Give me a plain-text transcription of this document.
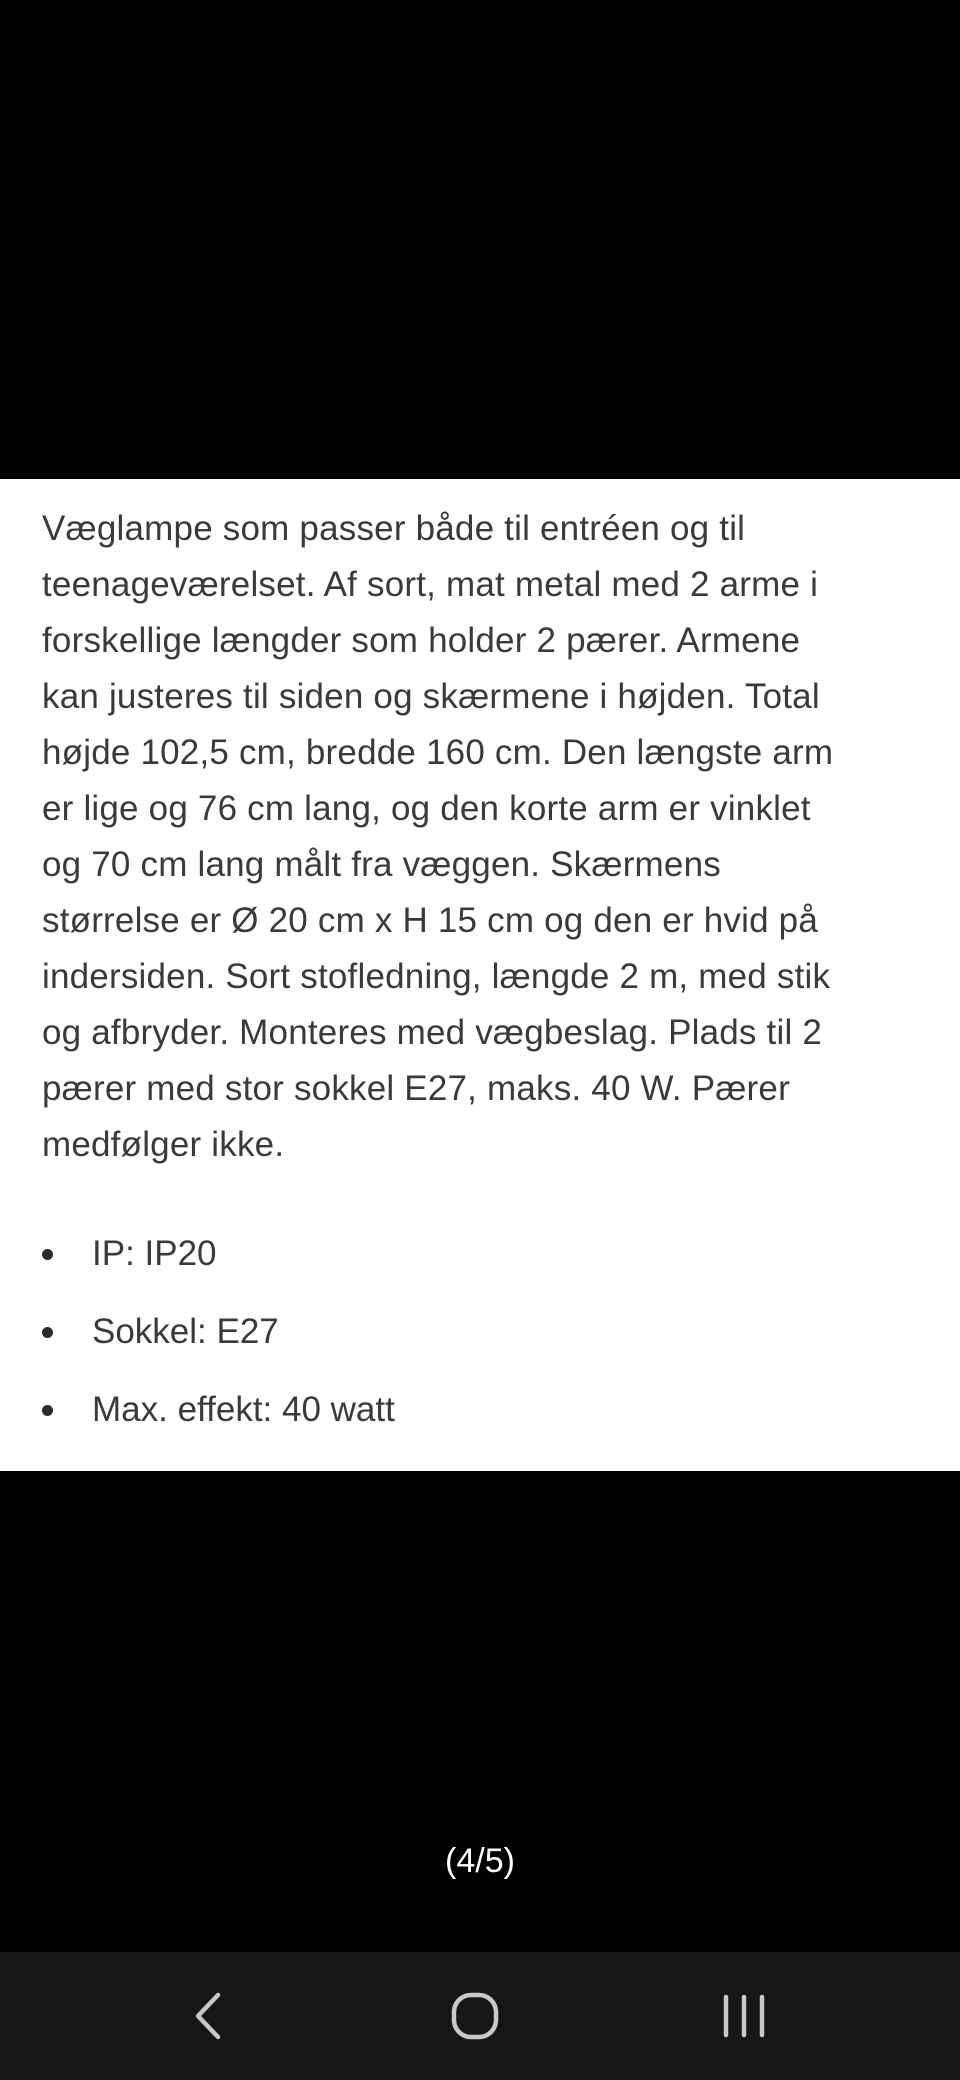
Væglampe som passer både til entréen og til
teenageværelset. Af sort, mat metal med 2 arme i
forskellige længder som holder 2 pærer. Armene
kan justeres til siden og skærmene i højden. Total
højde 102,5 cm, bredde 160 cm. Den længste arm
er lige og 76 cm lang, og den korte arm er vinklet
og 70 cm lang målt fra væggen. Skærmens
størrelse er Ø 20 cm x H 15 cm og den er hvid på
indersiden. Sort stofledning, længde 2 m, med stik
og afbryder. Monteres med vægbeslag. Plads til 2
pærer med stor sokkel E27, maks. 40 W. Pærer
medfølger ikke.

IP: IP20
Sokkel: E27
Max. effekt: 40 watt
(4/5)
